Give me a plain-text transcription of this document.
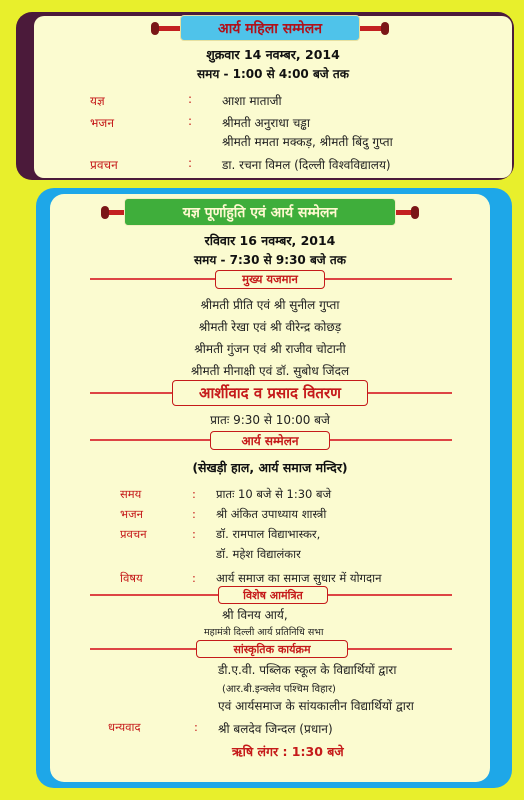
आर्य महिला सम्मेलन
शुक्रवार 14 नवम्बर, 2014
समय - 1:00 से 4:00 बजे तक
यज्ञ	: आशा माताजी
भजन	: श्रीमती अनुराधा चड्ढा
श्रीमती ममता मक्कड़, श्रीमती बिंदु गुप्ता
प्रवचन	: डा. रचना विमल (दिल्ली विश्वविद्यालय)
यज्ञ पूर्णाहुति एवं आर्य सम्मेलन
रविवार 16 नवम्बर, 2014
समय - 7:30 से 9:30 बजे तक
मुख्य यजमान
श्रीमती प्रीति एवं श्री सुनील गुप्ता
श्रीमती रेखा एवं श्री वीरेन्द्र कोछड़
श्रीमती गुंजन एवं श्री राजीव चोटानी
श्रीमती मीनाक्षी एवं डॉ. सुबोध जिंदल
आर्शीवाद व प्रसाद वितरण
प्रातः 9:30 से 10:00 बजे
आर्य सम्मेलन
(सेखड़ी हाल, आर्य समाज मन्दिर)
समय	: प्रातः 10 बजे से 1:30 बजे
भजन	: श्री अंकित उपाध्याय शास्त्री
प्रवचन	: डॉ. रामपाल विद्याभास्कर,
डॉ. महेश विद्यालंकार
विषय	: आर्य समाज का समाज सुधार में योगदान
विशेष आमंत्रित
श्री विनय आर्य,
महामंत्री दिल्ली आर्य प्रतिनिधि सभा
सांस्कृतिक कार्यक्रम
डी.ए.वी. पब्लिक स्कूल के विद्यार्थियों द्वारा
(आर.बी.इन्क्लेव पश्चिम विहार)
एवं आर्यसमाज के सांयकालीन विद्यार्थियों द्वारा
धन्यवाद	: श्री बलदेव जिन्दल (प्रधान)
ऋषि लंगर : 1:30 बजे
